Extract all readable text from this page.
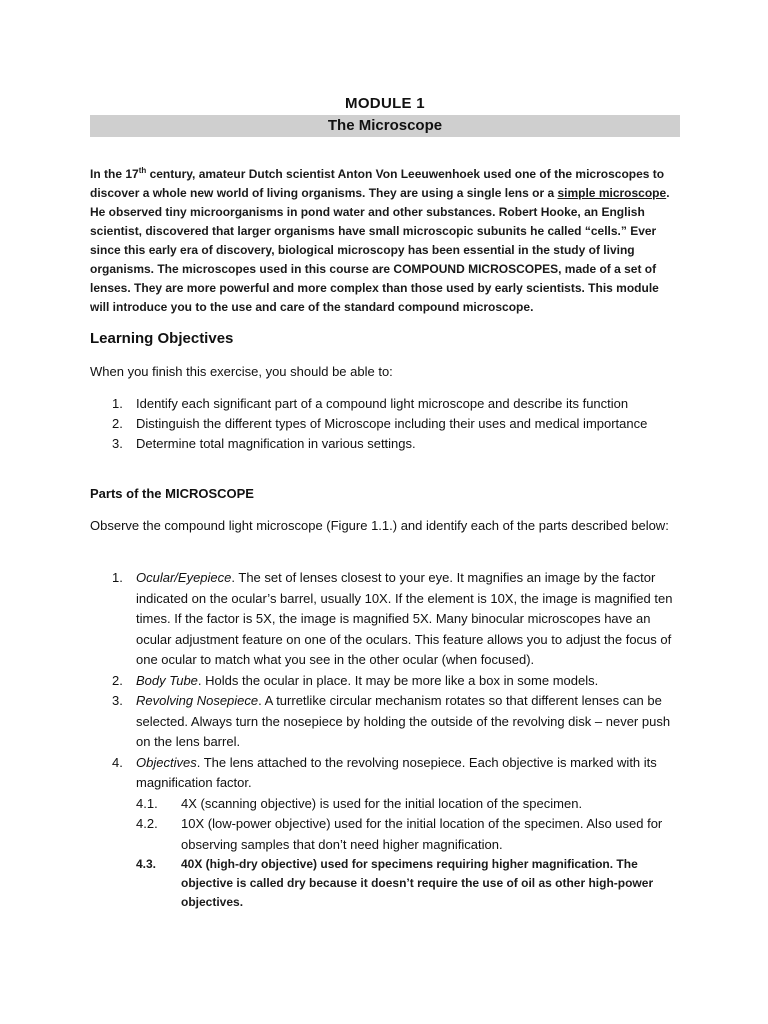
MODULE 1
The Microscope

In the 17th century, amateur Dutch scientist Anton Von Leeuwenhoek used one of the microscopes to discover a whole new world of living organisms. They are using a single lens or a simple microscope. He observed tiny microorganisms in pond water and other substances. Robert Hooke, an English scientist, discovered that larger organisms have small microscopic subunits he called “cells.” Ever since this early era of discovery, biological microscopy has been essential in the study of living organisms. The microscopes used in this course are COMPOUND MICROSCOPES, made of a set of lenses. They are more powerful and more complex than those used by early scientists. This module will introduce you to the use and care of the standard compound microscope.

Learning Objectives
When you finish this exercise, you should be able to:
1. Identify each significant part of a compound light microscope and describe its function
2. Distinguish the different types of Microscope including their uses and medical importance
3. Determine total magnification in various settings.
Parts of the MICROSCOPE
Observe the compound light microscope (Figure 1.1.) and identify each of the parts described below:
1. Ocular/Eyepiece. The set of lenses closest to your eye. It magnifies an image by the factor indicated on the ocular’s barrel, usually 10X. If the element is 10X, the image is magnified ten times. If the factor is 5X, the image is magnified 5X. Many binocular microscopes have an ocular adjustment feature on one of the oculars. This feature allows you to adjust the focus of one ocular to match what you see in the other ocular (when focused).
2. Body Tube. Holds the ocular in place. It may be more like a box in some models.
3. Revolving Nosepiece. A turretlike circular mechanism rotates so that different lenses can be selected. Always turn the nosepiece by holding the outside of the revolving disk – never push on the lens barrel.
4. Objectives. The lens attached to the revolving nosepiece. Each objective is marked with its magnification factor.
4.1. 4X (scanning objective) is used for the initial location of the specimen.
4.2. 10X (low-power objective) used for the initial location of the specimen. Also used for observing samples that don’t need higher magnification.
4.3. 40X (high-dry objective) used for specimens requiring higher magnification. The objective is called dry because it doesn’t require the use of oil as other high-power objectives.
